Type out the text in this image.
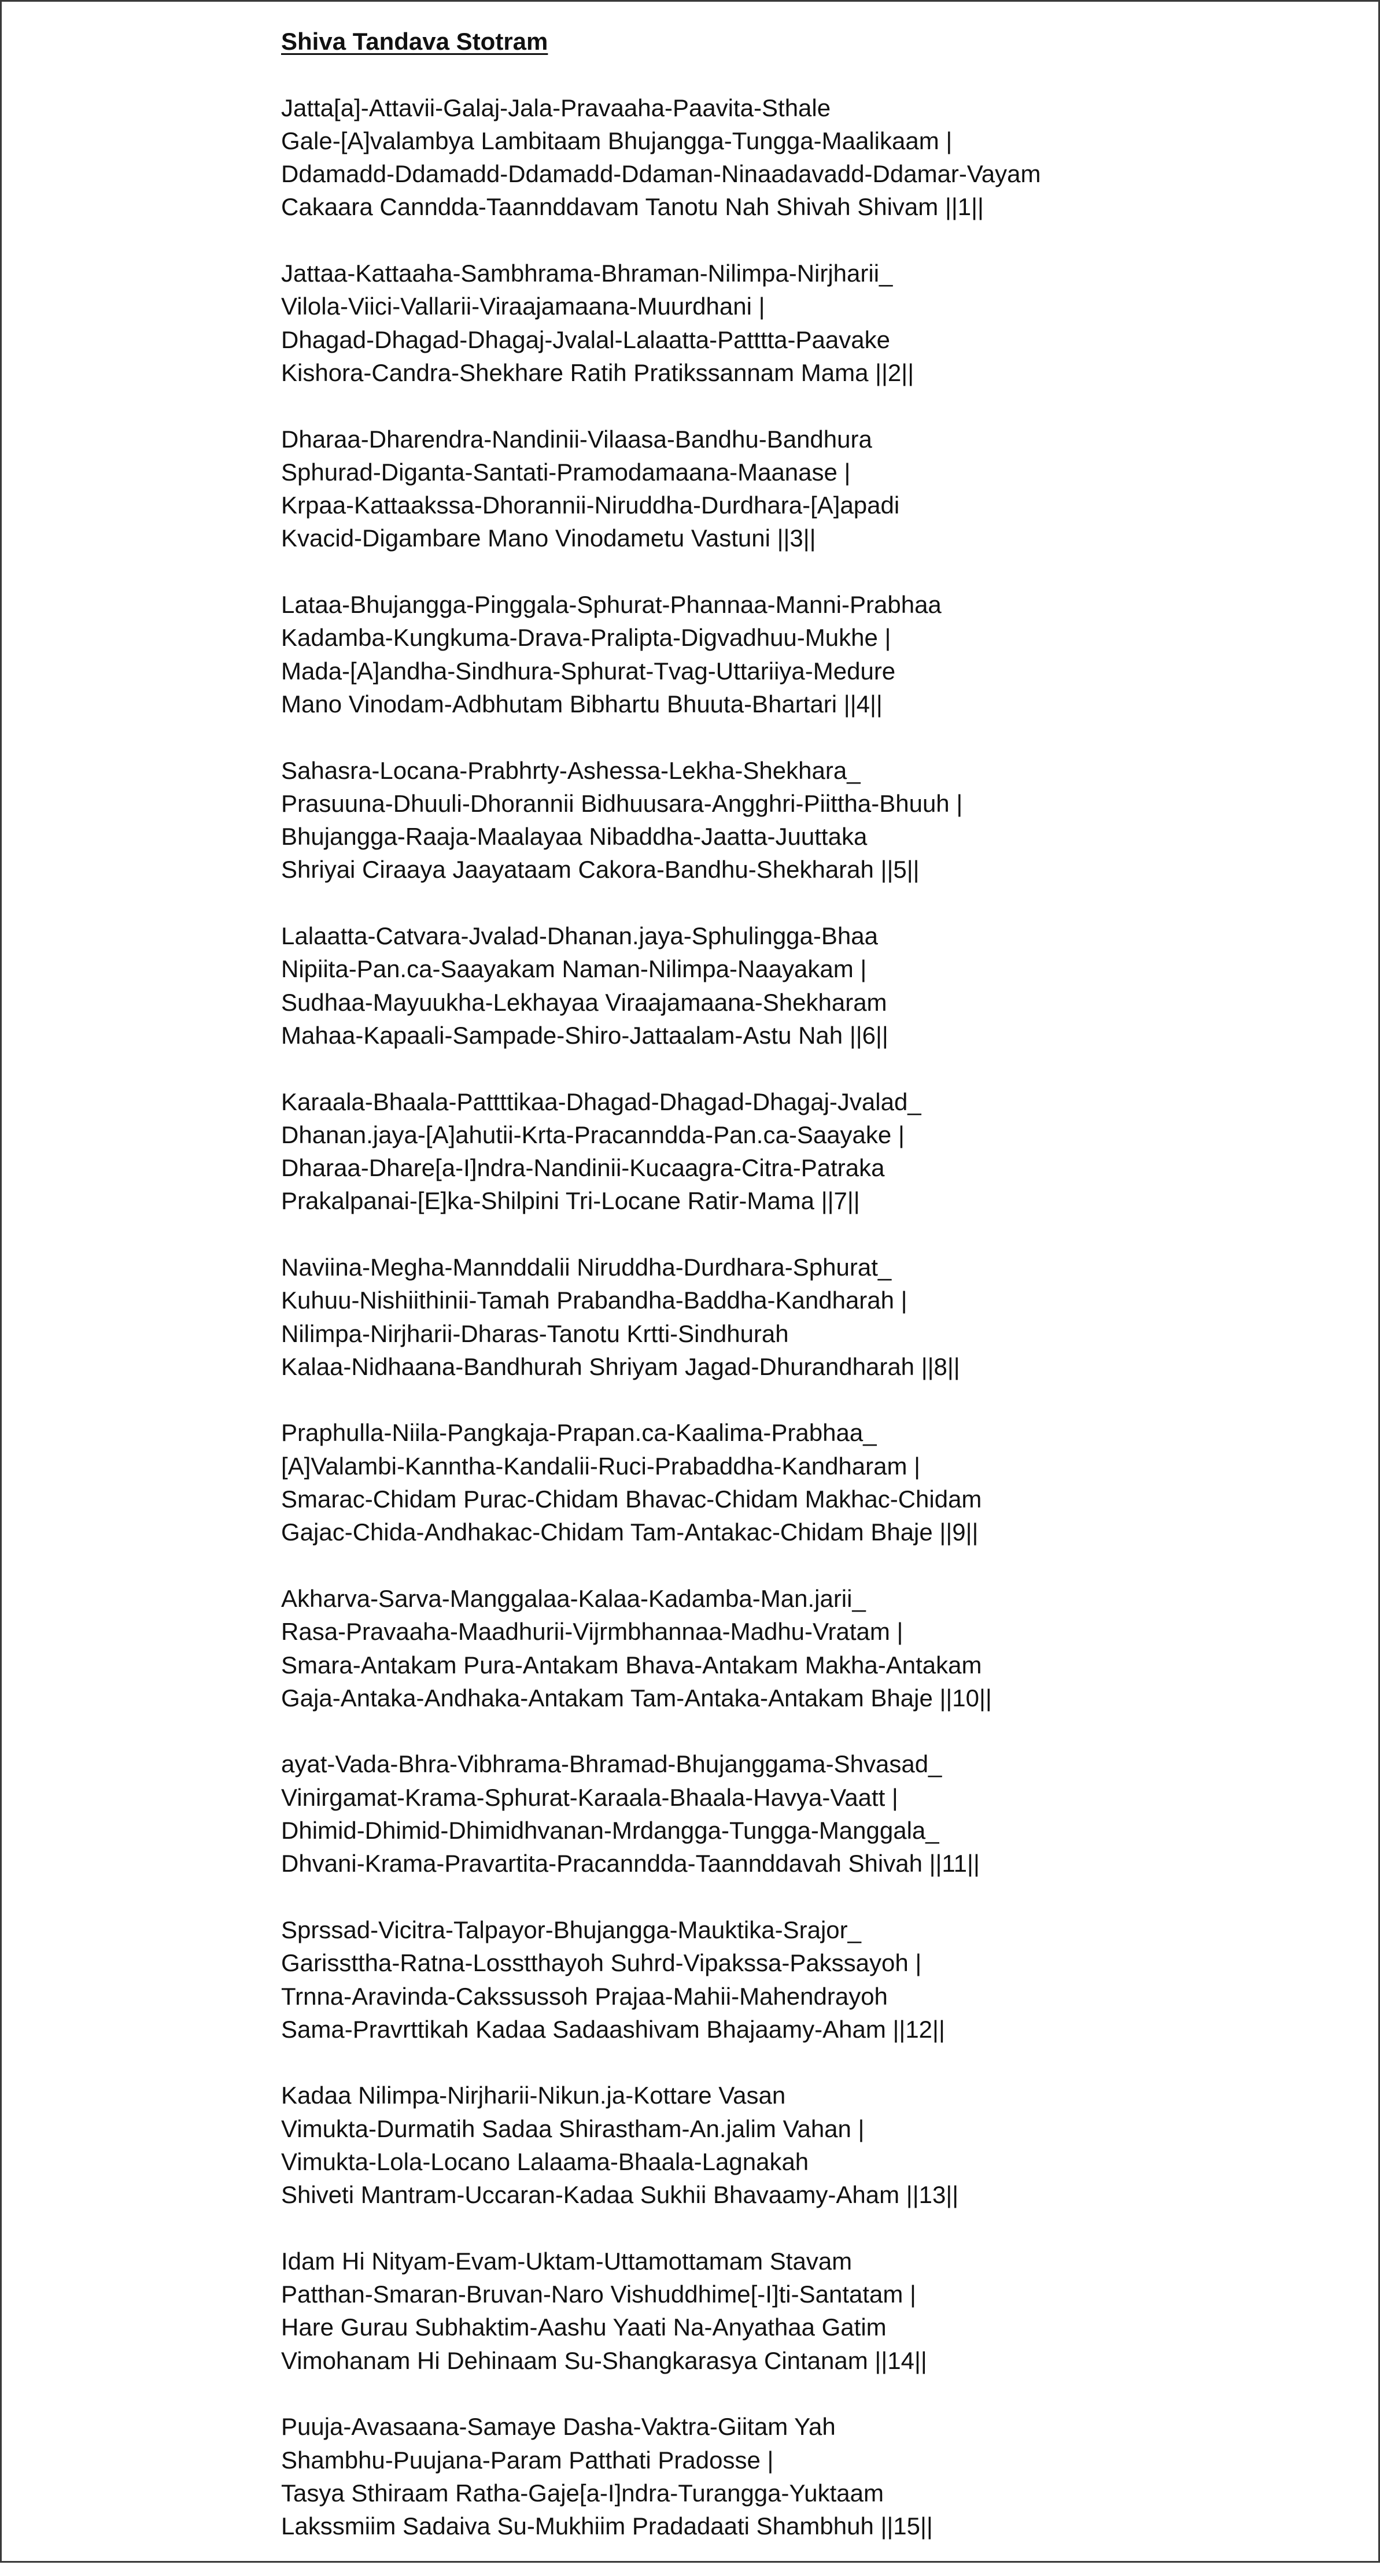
Shiva Tandava Stotram
Jatta[a]-Attavii-Galaj-Jala-Pravaaha-Paavita-Sthale
Gale-[A]valambya Lambitaam Bhujangga-Tungga-Maalikaam |
Ddamadd-Ddamadd-Ddamadd-Ddaman-Ninaadavadd-Ddamar-Vayam
Cakaara Canndda-Taannddavam Tanotu Nah Shivah Shivam ||1||
Jattaa-Kattaaha-Sambhrama-Bhraman-Nilimpa-Nirjharii_
Vilola-Viici-Vallarii-Viraajamaana-Muurdhani |
Dhagad-Dhagad-Dhagaj-Jvalal-Lalaatta-Patttta-Paavake
Kishora-Candra-Shekhare Ratih Pratikssannam Mama ||2||
Dharaa-Dharendra-Nandinii-Vilaasa-Bandhu-Bandhura
Sphurad-Diganta-Santati-Pramodamaana-Maanase |
Krpaa-Kattaakssa-Dhorannii-Niruddha-Durdhara-[A]apadi
Kvacid-Digambare Mano Vinodametu Vastuni ||3||
Lataa-Bhujangga-Pinggala-Sphurat-Phannaa-Manni-Prabhaa
Kadamba-Kungkuma-Drava-Pralipta-Digvadhuu-Mukhe |
Mada-[A]andha-Sindhura-Sphurat-Tvag-Uttariiya-Medure
Mano Vinodam-Adbhutam Bibhartu Bhuuta-Bhartari ||4||
Sahasra-Locana-Prabhrty-Ashessa-Lekha-Shekhara_
Prasuuna-Dhuuli-Dhorannii Bidhuusara-Angghri-Piittha-Bhuuh |
Bhujangga-Raaja-Maalayaa Nibaddha-Jaatta-Juuttaka
Shriyai Ciraaya Jaayataam Cakora-Bandhu-Shekharah ||5||
Lalaatta-Catvara-Jvalad-Dhanan.jaya-Sphulingga-Bhaa
Nipiita-Pan.ca-Saayakam Naman-Nilimpa-Naayakam |
Sudhaa-Mayuukha-Lekhayaa Viraajamaana-Shekharam
Mahaa-Kapaali-Sampade-Shiro-Jattaalam-Astu Nah ||6||
Karaala-Bhaala-Pattttikaa-Dhagad-Dhagad-Dhagaj-Jvalad_
Dhanan.jaya-[A]ahutii-Krta-Pracanndda-Pan.ca-Saayake |
Dharaa-Dhare[a-I]ndra-Nandinii-Kucaagra-Citra-Patraka
Prakalpanai-[E]ka-Shilpini Tri-Locane Ratir-Mama ||7||
Naviina-Megha-Mannddalii Niruddha-Durdhara-Sphurat_
Kuhuu-Nishiithinii-Tamah Prabandha-Baddha-Kandharah |
Nilimpa-Nirjharii-Dharas-Tanotu Krtti-Sindhurah
Kalaa-Nidhaana-Bandhurah Shriyam Jagad-Dhurandharah ||8||
Praphulla-Niila-Pangkaja-Prapan.ca-Kaalima-Prabhaa_
[A]Valambi-Kanntha-Kandalii-Ruci-Prabaddha-Kandharam |
Smarac-Chidam Purac-Chidam Bhavac-Chidam Makhac-Chidam
Gajac-Chida-Andhakac-Chidam Tam-Antakac-Chidam Bhaje ||9||
Akharva-Sarva-Manggalaa-Kalaa-Kadamba-Man.jarii_
Rasa-Pravaaha-Maadhurii-Vijrmbhannaa-Madhu-Vratam |
Smara-Antakam Pura-Antakam Bhava-Antakam Makha-Antakam
Gaja-Antaka-Andhaka-Antakam Tam-Antaka-Antakam Bhaje ||10||
ayat-Vada-Bhra-Vibhrama-Bhramad-Bhujanggama-Shvasad_
Vinirgamat-Krama-Sphurat-Karaala-Bhaala-Havya-Vaatt |
Dhimid-Dhimid-Dhimidhvanan-Mrdangga-Tungga-Manggala_
Dhvani-Krama-Pravartita-Pracanndda-Taannddavah Shivah ||11||
Sprssad-Vicitra-Talpayor-Bhujangga-Mauktika-Srajor_
Garissttha-Ratna-Losstthayoh Suhrd-Vipakssa-Pakssayoh |
Trnna-Aravinda-Cakssussoh Prajaa-Mahii-Mahendrayoh
Sama-Pravrttikah Kadaa Sadaashivam Bhajaamy-Aham ||12||
Kadaa Nilimpa-Nirjharii-Nikun.ja-Kottare Vasan
Vimukta-Durmatih Sadaa Shirastham-An.jalim Vahan |
Vimukta-Lola-Locano Lalaama-Bhaala-Lagnakah
Shiveti Mantram-Uccaran-Kadaa Sukhii Bhavaamy-Aham ||13||
Idam Hi Nityam-Evam-Uktam-Uttamottamam Stavam
Patthan-Smaran-Bruvan-Naro Vishuddhime[-I]ti-Santatam |
Hare Gurau Subhaktim-Aashu Yaati Na-Anyathaa Gatim
Vimohanam Hi Dehinaam Su-Shangkarasya Cintanam ||14||
Puuja-Avasaana-Samaye Dasha-Vaktra-Giitam Yah
Shambhu-Puujana-Param Patthati Pradosse |
Tasya Sthiraam Ratha-Gaje[a-I]ndra-Turangga-Yuktaam
Lakssmiim Sadaiva Su-Mukhiim Pradadaati Shambhuh ||15||
